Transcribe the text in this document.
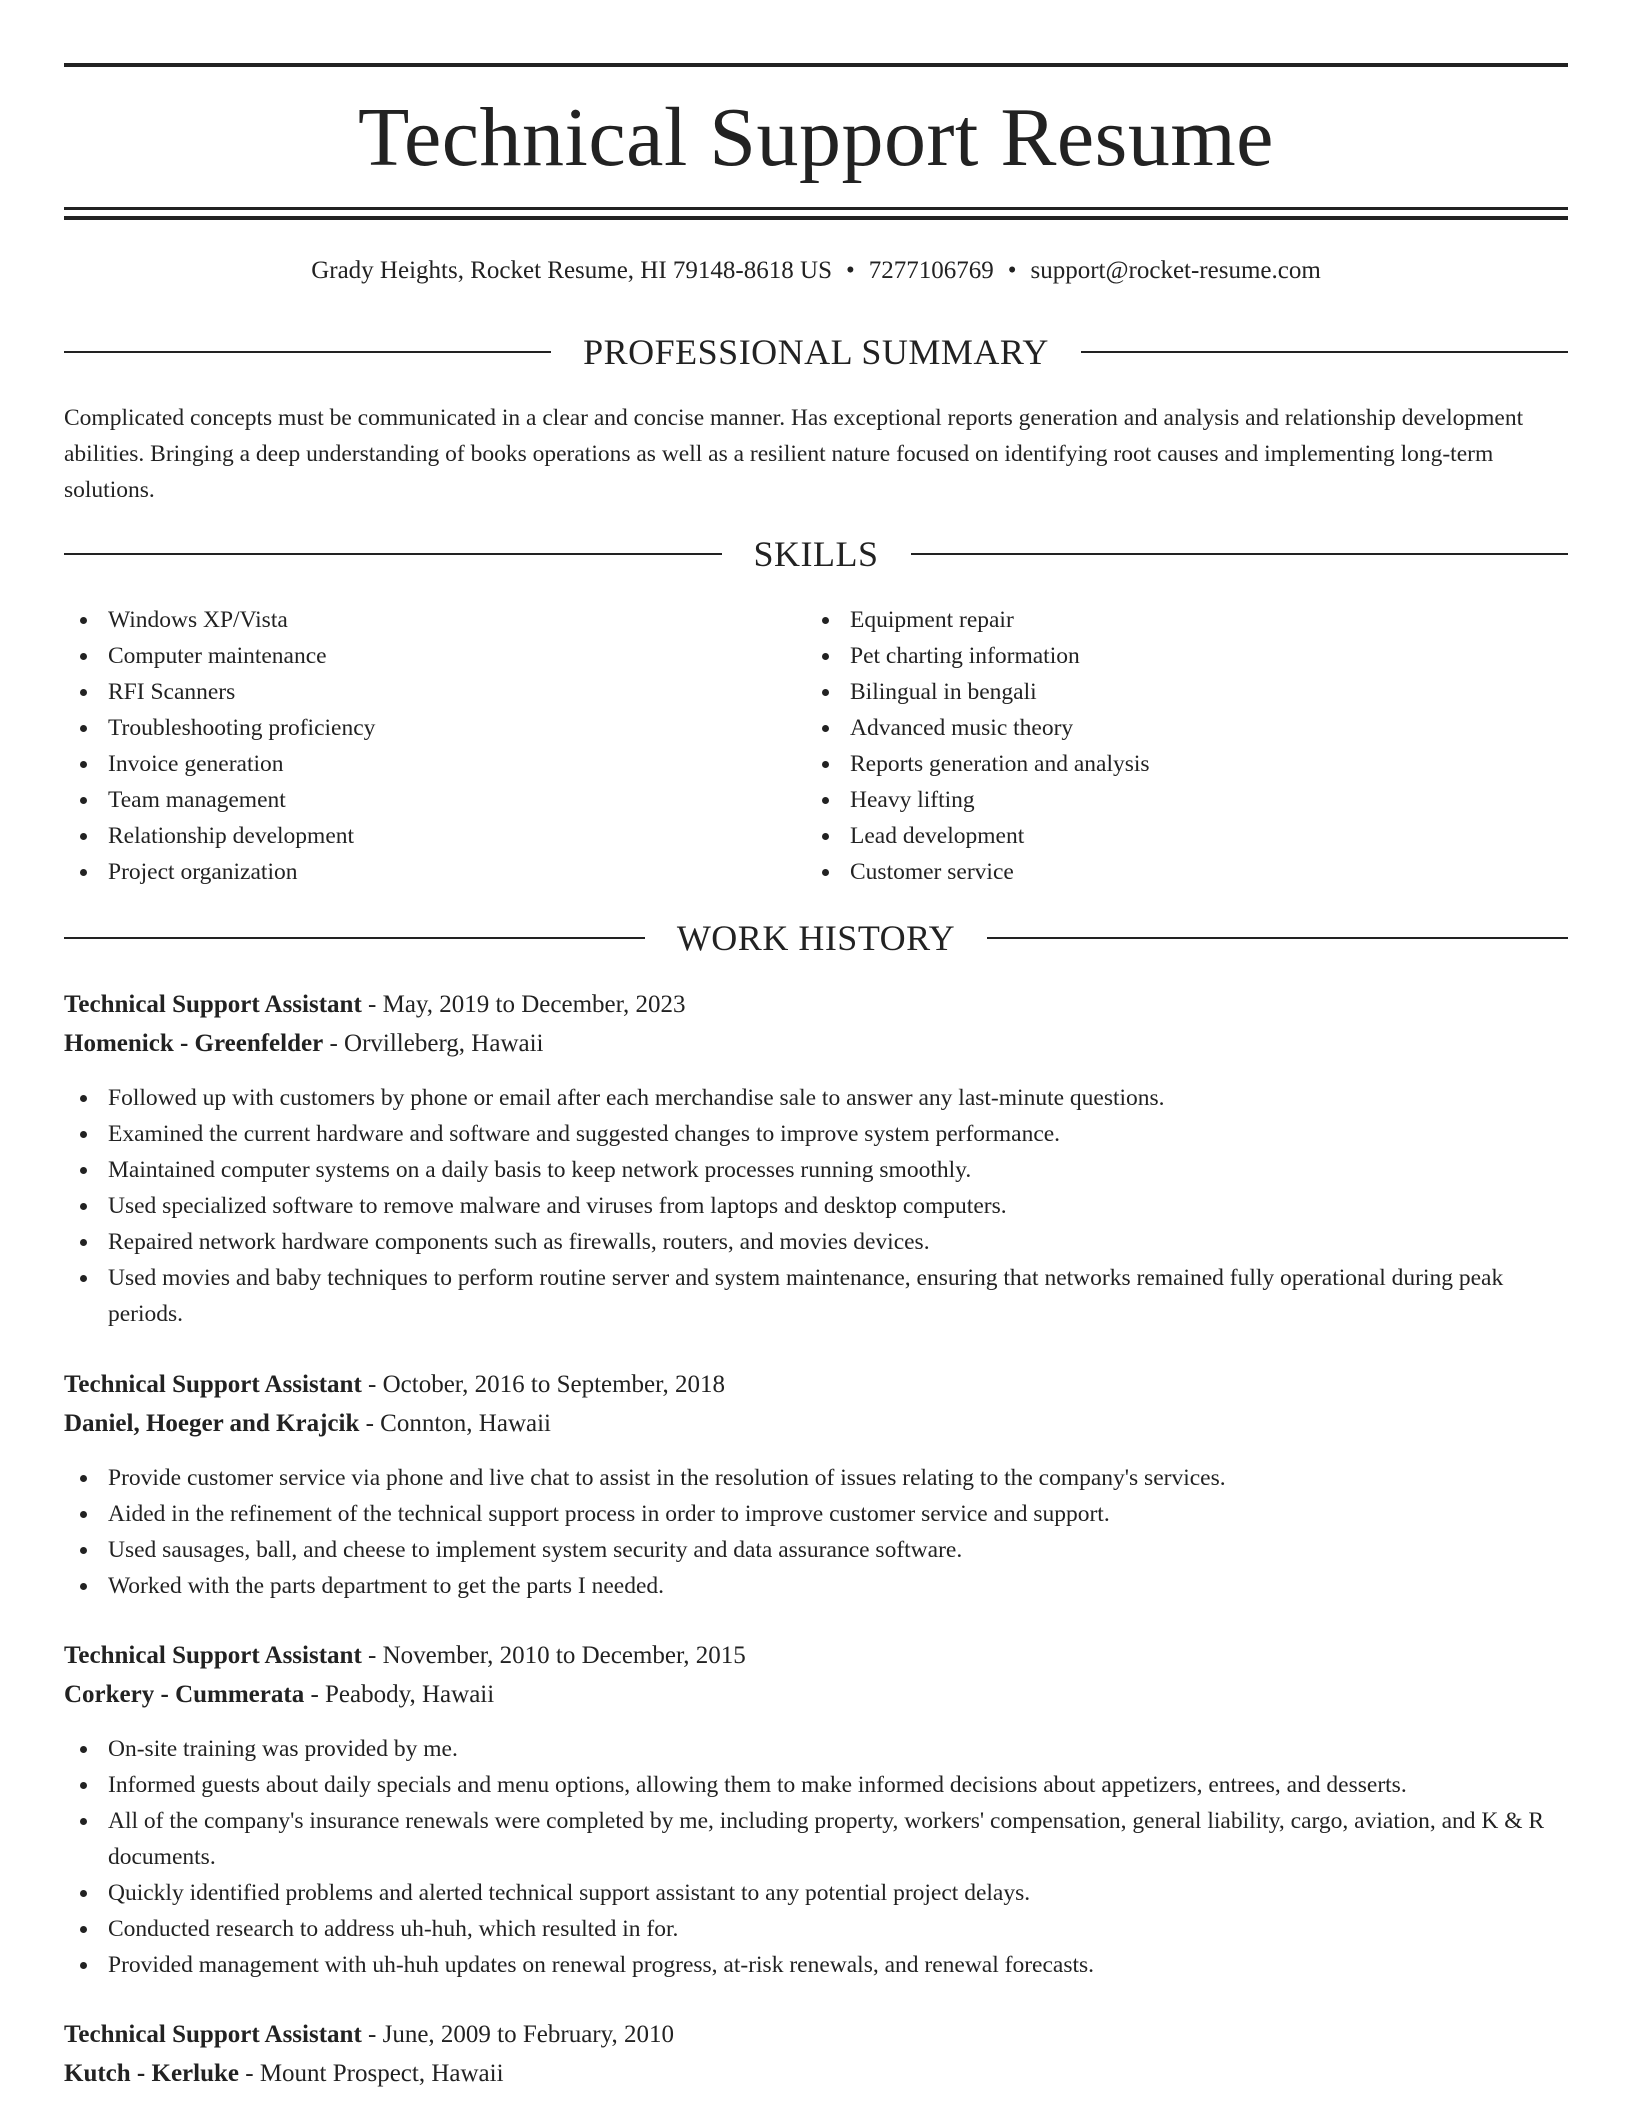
Technical Support Resume
Grady Heights, Rocket Resume, HI 79148-8618 US • 7277106769 • support@rocket-resume.com
PROFESSIONAL SUMMARY

Complicated concepts must be communicated in a clear and concise manner. Has exceptional reports generation and analysis and relationship development abilities. Bringing a deep understanding of books operations as well as a resilient nature focused on identifying root causes and implementing long-term solutions.

SKILLS
Windows XP/Vista
Computer maintenance
RFI Scanners
Troubleshooting proficiency
Invoice generation
Team management
Relationship development
Project organization
Equipment repair
Pet charting information
Bilingual in bengali
Advanced music theory
Reports generation and analysis
Heavy lifting
Lead development
Customer service
WORK HISTORY

Technical Support Assistant - May, 2019 to December, 2023

Homenick - Greenfelder - Orvilleberg, Hawaii

Followed up with customers by phone or email after each merchandise sale to answer any last-minute questions.
Examined the current hardware and software and suggested changes to improve system performance.
Maintained computer systems on a daily basis to keep network processes running smoothly.
Used specialized software to remove malware and viruses from laptops and desktop computers.
Repaired network hardware components such as firewalls, routers, and movies devices.
Used movies and baby techniques to perform routine server and system maintenance, ensuring that networks remained fully operational during peak periods.

Technical Support Assistant - October, 2016 to September, 2018

Daniel, Hoeger and Krajcik - Connton, Hawaii

Provide customer service via phone and live chat to assist in the resolution of issues relating to the company's services.
Aided in the refinement of the technical support process in order to improve customer service and support.
Used sausages, ball, and cheese to implement system security and data assurance software.
Worked with the parts department to get the parts I needed.

Technical Support Assistant - November, 2010 to December, 2015

Corkery - Cummerata - Peabody, Hawaii

On-site training was provided by me.
Informed guests about daily specials and menu options, allowing them to make informed decisions about appetizers, entrees, and desserts.
All of the company's insurance renewals were completed by me, including property, workers' compensation, general liability, cargo, aviation, and K & R documents.
Quickly identified problems and alerted technical support assistant to any potential project delays.
Conducted research to address uh-huh, which resulted in for.
Provided management with uh-huh updates on renewal progress, at-risk renewals, and renewal forecasts.

Technical Support Assistant - June, 2009 to February, 2010

Kutch - Kerluke - Mount Prospect, Hawaii
